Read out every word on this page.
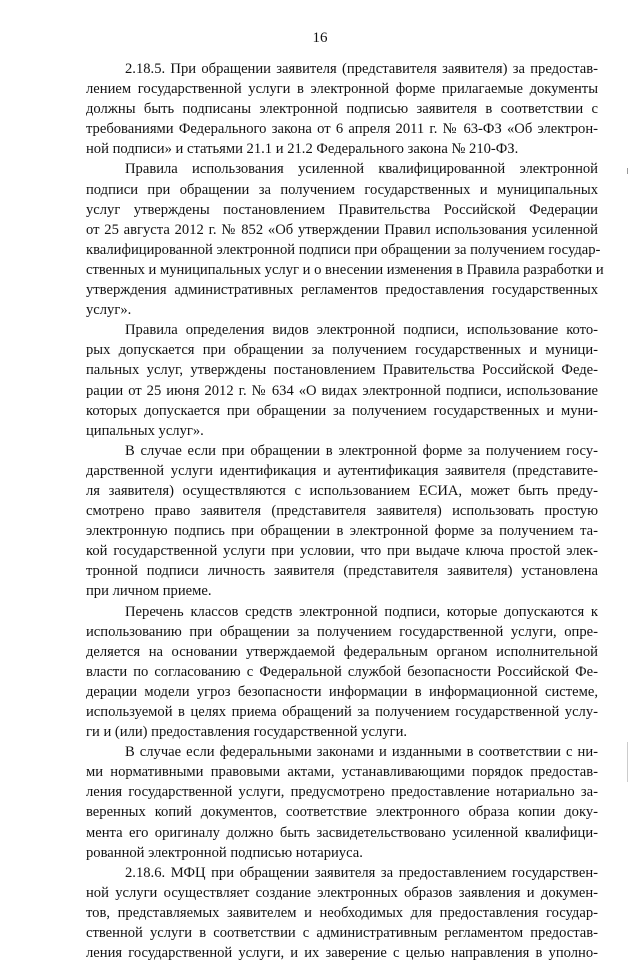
16
2.18.5. При обращении заявителя (представителя заявителя) за предостав-
лением государственной услуги в электронной форме прилагаемые документы
должны быть подписаны электронной подписью заявителя в соответствии с
требованиями Федерального закона от 6 апреля 2011 г. № 63-ФЗ «Об электрон-
ной подписи» и статьями 21.1 и 21.2 Федерального закона № 210-ФЗ.
Правила использования усиленной квалифицированной электронной
подписи при обращении за получением государственных и муниципальных
услуг утверждены постановлением Правительства Российской Федерации
от 25 августа 2012 г. № 852 «Об утверждении Правил использования усиленной
квалифицированной электронной подписи при обращении за получением государ-
ственных и муниципальных услуг и о внесении изменения в Правила разработки и
утверждения административных регламентов предоставления государственных
услуг».
Правила определения видов электронной подписи, использование кото-
рых допускается при обращении за получением государственных и муници-
пальных услуг, утверждены постановлением Правительства Российской Феде-
рации от 25 июня 2012 г. № 634 «О видах электронной подписи, использование
которых допускается при обращении за получением государственных и муни-
ципальных услуг».
В случае если при обращении в электронной форме за получением госу-
дарственной услуги идентификация и аутентификация заявителя (представите-
ля заявителя) осуществляются с использованием ЕСИА, может быть преду-
смотрено право заявителя (представителя заявителя) использовать простую
электронную подпись при обращении в электронной форме за получением та-
кой государственной услуги при условии, что при выдаче ключа простой элек-
тронной подписи личность заявителя (представителя заявителя) установлена
при личном приеме.
Перечень классов средств электронной подписи, которые допускаются к
использованию при обращении за получением государственной услуги, опре-
деляется на основании утверждаемой федеральным органом исполнительной
власти по согласованию с Федеральной службой безопасности Российской Фе-
дерации модели угроз безопасности информации в информационной системе,
используемой в целях приема обращений за получением государственной услу-
ги и (или) предоставления государственной услуги.
В случае если федеральными законами и изданными в соответствии с ни-
ми нормативными правовыми актами, устанавливающими порядок предостав-
ления государственной услуги, предусмотрено предоставление нотариально за-
веренных копий документов, соответствие электронного образа копии доку-
мента его оригиналу должно быть засвидетельствовано усиленной квалифици-
рованной электронной подписью нотариуса.
2.18.6. МФЦ при обращении заявителя за предоставлением государствен-
ной услуги осуществляет создание электронных образов заявления и докумен-
тов, представляемых заявителем и необходимых для предоставления государ-
ственной услуги в соответствии с административным регламентом предостав-
ления государственной услуги, и их заверение с целью направления в уполно-
